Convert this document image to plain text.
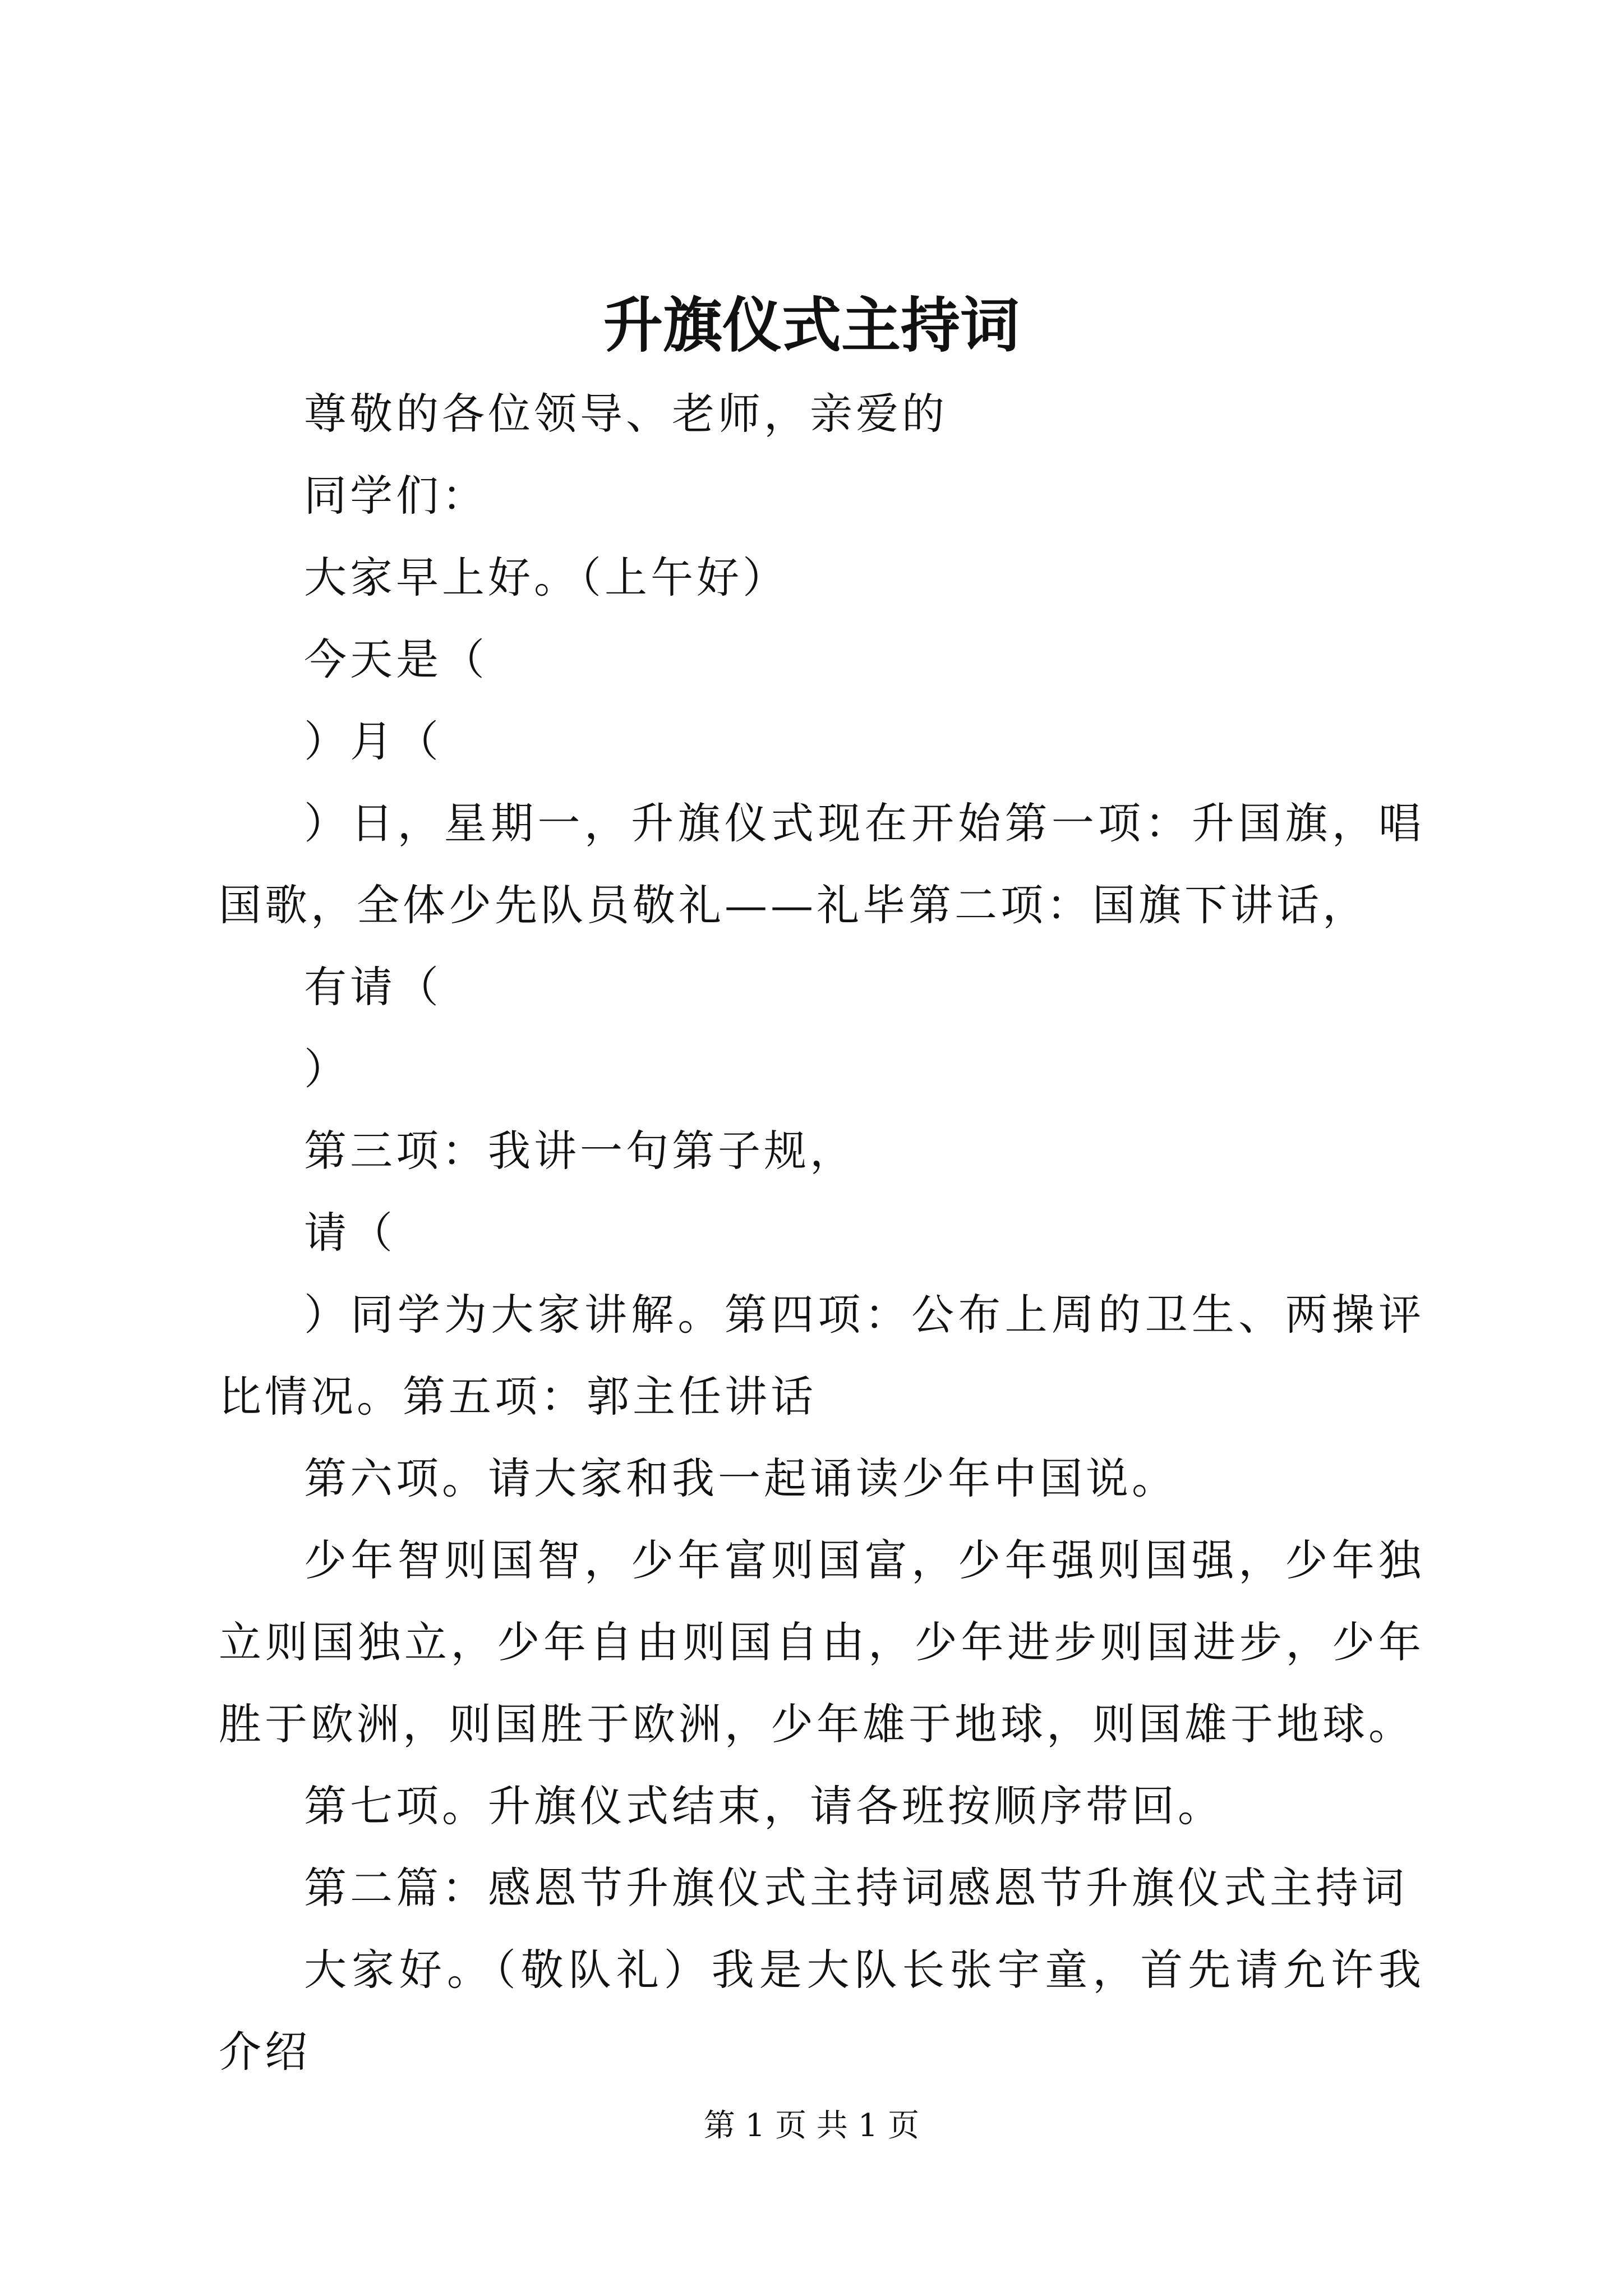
升旗仪式主持词

尊敬的各位领导、老师，亲爱的

同学们：

大家早上好。（上午好）

今天是（

）月（

）日，星期一，升旗仪式现在开始第一项：升国旗，唱国歌，全体少先队员敬礼——礼毕第二项：国旗下讲话，

有请（

）

第三项：我讲一句第子规，

请（

）同学为大家讲解。第四项：公布上周的卫生、两操评比情况。第五项：郭主任讲话

第六项。请大家和我一起诵读少年中国说。

少年智则国智，少年富则国富，少年强则国强，少年独立则国独立，少年自由则国自由，少年进步则国进步，少年胜于欧洲，则国胜于欧洲，少年雄于地球，则国雄于地球。

第七项。升旗仪式结束，请各班按顺序带回。

第二篇：感恩节升旗仪式主持词感恩节升旗仪式主持词

大家好。（敬队礼）我是大队长张宇童，首先请允许我介绍

第 1 页 共 1 页
